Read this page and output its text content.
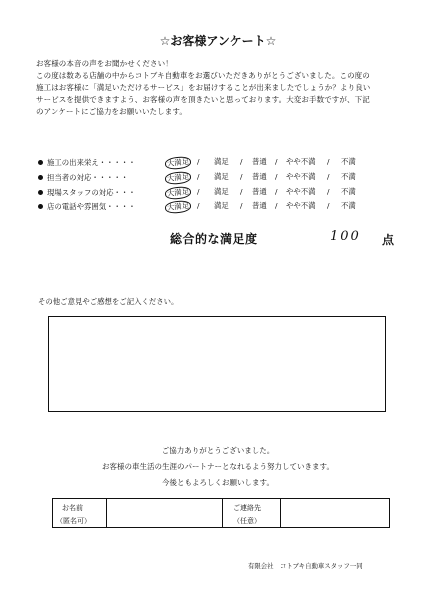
☆お客様アンケート☆
お客様の本音の声をお聞かせください！
この度は数ある店舗の中からコトブキ自動車をお選びいただきありがとうございました。この度の
施工はお客様に「満足いただけるサービス」をお届けすることが出来ましたでしょうか？より良い
サービスを提供できますよう、お客様の声を頂きたいと思っております。大変お手数ですが、下記
のアンケートにご協力をお願いいたします。
施工の出来栄え・・・・・
担当者の対応・・・・・
現場スタッフの対応・・・
店の電話や雰囲気・・・・
大満足 / 満足 / 普通 / やや不満 / 不満
大満足 / 満足 / 普通 / やや不満 / 不満
大満足 / 満足 / 普通 / やや不満 / 不満
大満足 / 満足 / 普通 / やや不満 / 不満
総合的な満足度	100 点
その他ご意見やご感想をご記入ください。
ご協力ありがとうございました。
お客様の車生活の生涯のパートナーとなれるよう努力していきます。
今後ともよろしくお願いします。
お名前
（匿名可）
ご連絡先
（任意）
有限会社　コトブキ自動車スタッフ一同
